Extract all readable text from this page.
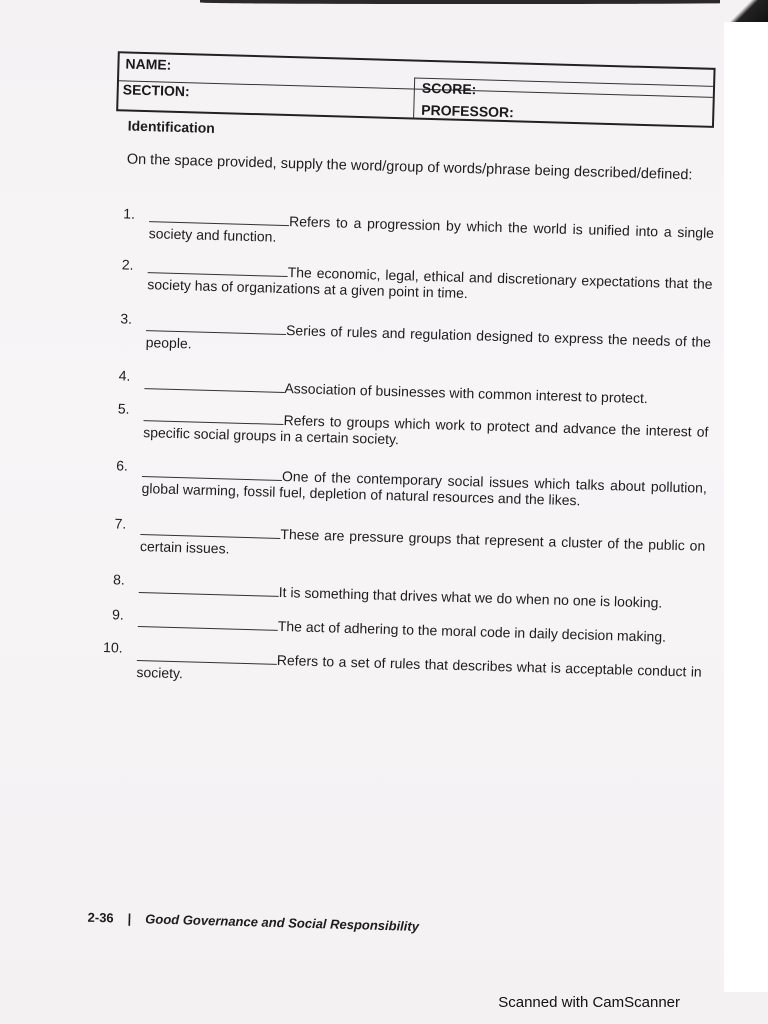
NAME:
SECTION:	SCORE:
PROFESSOR:
Identification
On the space provided, supply the word/group of words/phrase being described/defined:
1.	Refers to a progression by which the world is unified into a single society and function.
2.	The economic, legal, ethical and discretionary expectations that the society has of organizations at a given point in time.
3.
Series of rules and regulation designed to express the needs of the people.
4.
Association of businesses with common interest to protect.
5.
Refers to groups which work to protect and advance the interest of specific social groups in a certain society.
6.
One of the contemporary social issues which talks about pollution, global warming, fossil fuel, depletion of natural resources and the likes.
7.
These are pressure groups that represent a cluster of the public on certain issues.
8.
It is something that drives what we do when no one is looking.
9.
The act of adhering to the moral code in daily decision making.
10.
Refers to a set of rules that describes what is acceptable conduct in society.
2-36 | Good Governance and Social Responsibility
Scanned with CamScanner
